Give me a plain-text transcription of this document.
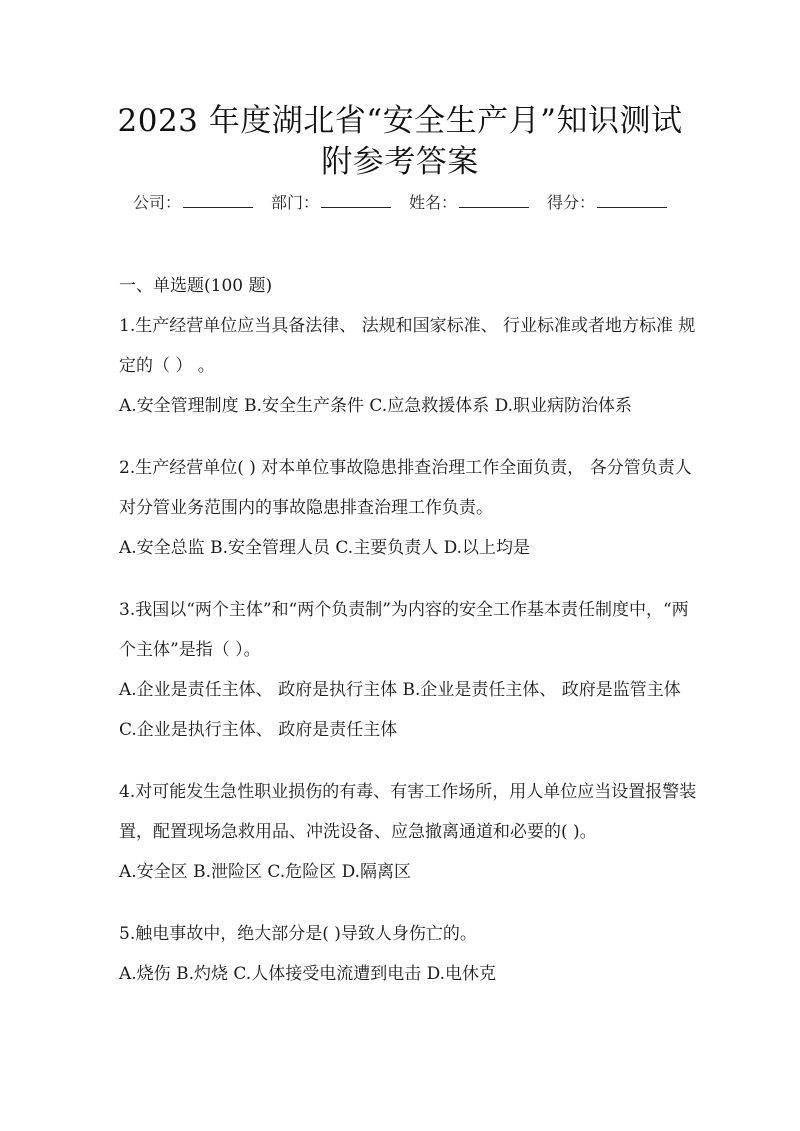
2023 年度湖北省“安全生产月”知识测试
附参考答案
公司：	部门：	姓名：	得分：

一、单选题(100 题)

1.生产经营单位应当具备法律、 法规和国家标准、 行业标准或者地方标准 规定的（ ） 。

A.安全管理制度 B.安全生产条件 C.应急救援体系 D.职业病防治体系

2.生产经营单位( ) 对本单位事故隐患排查治理工作全面负责， 各分管负责人对分管业务范围内的事故隐患排查治理工作负责。

A.安全总监 B.安全管理人员 C.主要负责人 D.以上均是

3.我国以“两个主体”和“两个负责制”为内容的安全工作基本责任制度中，“两个主体”是指（ ）。

A.企业是责任主体、 政府是执行主体 B.企业是责任主体、 政府是监管主体 C.企业是执行主体、 政府是责任主体

4.对可能发生急性职业损伤的有毒、有害工作场所，用人单位应当设置报警装置，配置现场急救用品、冲洗设备、应急撤离通道和必要的( )。

A.安全区 B.泄险区 C.危险区 D.隔离区

5.触电事故中，绝大部分是( )导致人身伤亡的。

A.烧伤 B.灼烧 C.人体接受电流遭到电击 D.电休克
